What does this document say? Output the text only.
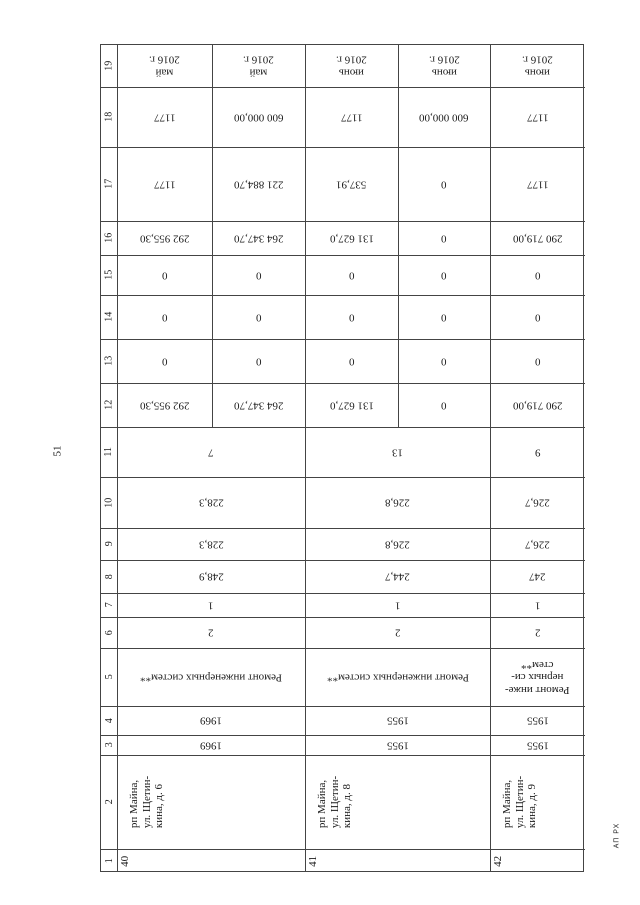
51
АП РХ
1
2
3
4
5
6
7
8
9
10
11
12
13
14
15
16
17
18
19
40
рп Майна,
ул. Щетин-
кина, д. 6
1969
1969
Ремонт инженерных систем**
2
1
248,9
228,3
228,3
7
292 955,30
0
0
0
292 955,30
1177
1177
май
2016 г.
264 347,70
0
0
0
264 347,70
221 884,70
600 000,00
май
2016 г.
41
рп Майна,
ул. Щетин-
кина, д. 8
1955
1955
Ремонт инженерных систем**
2
1
244,7
226,8
226,8
13
131 627,0
0
0
0
131 627,0
537,91
1177
июнь
2016 г.
0
0
0
0
0
0
600 000,00
июнь
2016 г.
42
рп Майна,
ул. Щетин-
кина, д. 9
1955
1955
Ремонт инже-
нерных си-
стем**
2
1
247
226,7
226,7
9
290 719,00
0
0
0
290 719,00
1177
1177
июнь
2016 г.
